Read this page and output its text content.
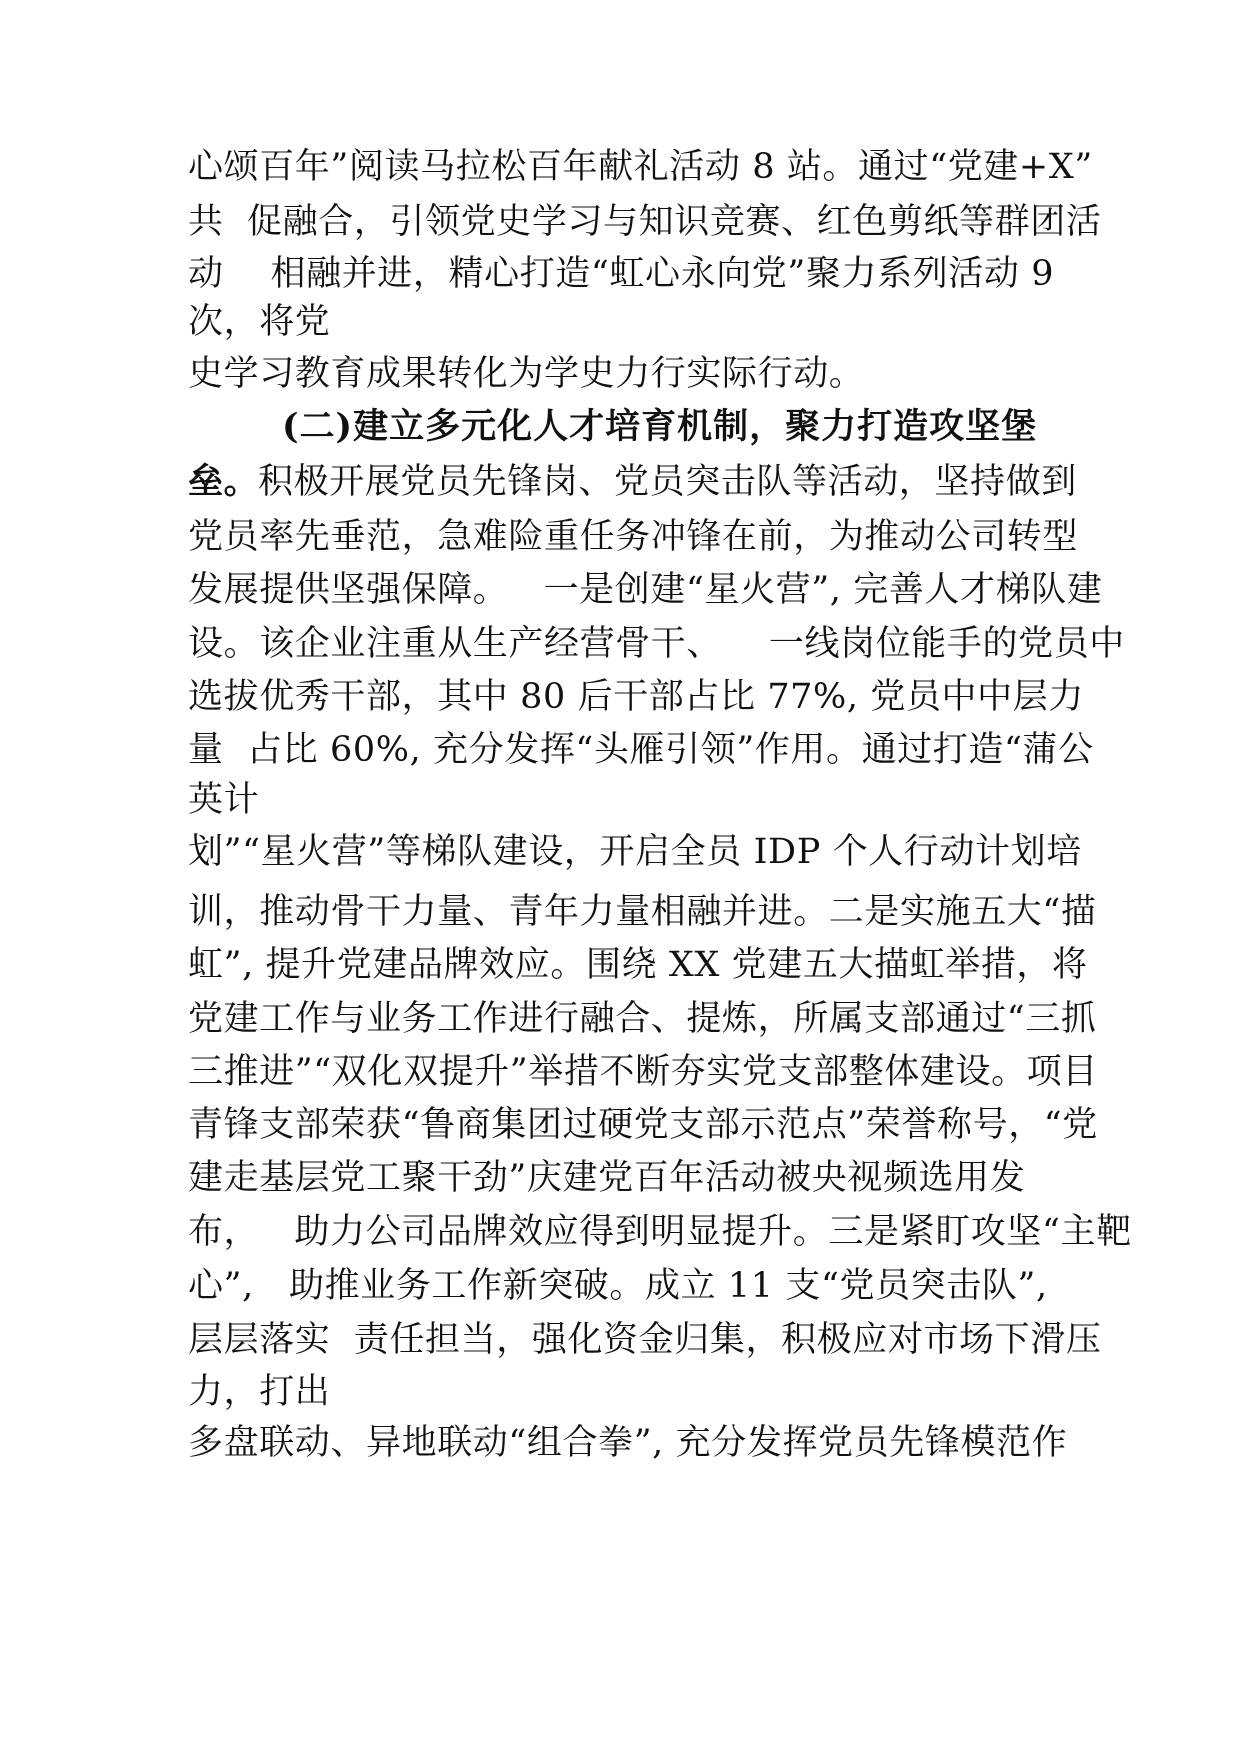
心颂百年”阅读马拉松百年献礼活动 8 站。通过“党建+X”
共  促融合，引领党史学习与知识竞赛、红色剪纸等群团活
动    相融并进，精心打造“虹心永向党”聚力系列活动 9
次，将党
史学习教育成果转化为学史力行实际行动。
(二)建立多元化人才培育机制，聚力打造攻坚堡
垒。
积极开展党员先锋岗、党员突击队等活动，坚持做到
党员率先垂范，急难险重任务冲锋在前，为推动公司转型
发展提供坚强保障。   一是创建“星火营”, 完善人才梯队建
设。该企业注重从生产经营骨干、    一线岗位能手的党员中
选拔优秀干部，其中 80 后干部占比 77%, 党员中中层力
量  占比 60%, 充分发挥“头雁引领”作用。通过打造“蒲公
英计
划”“星火营”等梯队建设，开启全员 IDP 个人行动计划培
训，推动骨干力量、青年力量相融并进。二是实施五大“描
虹”, 提升党建品牌效应。围绕 XX 党建五大描虹举措，将
党建工作与业务工作进行融合、提炼，所属支部通过“三抓
三推进”“双化双提升”举措不断夯实党支部整体建设。项目
青锋支部荣获“鲁商集团过硬党支部示范点”荣誉称号，“党
建走基层党工聚干劲”庆建党百年活动被央视频选用发
布，   助力公司品牌效应得到明显提升。三是紧盯攻坚“主靶
心”,   助推业务工作新突破。成立 11 支“党员突击队”,
层层落实  责任担当，强化资金归集，积极应对市场下滑压
力，打出
多盘联动、异地联动“组合拳”, 充分发挥党员先锋模范作
